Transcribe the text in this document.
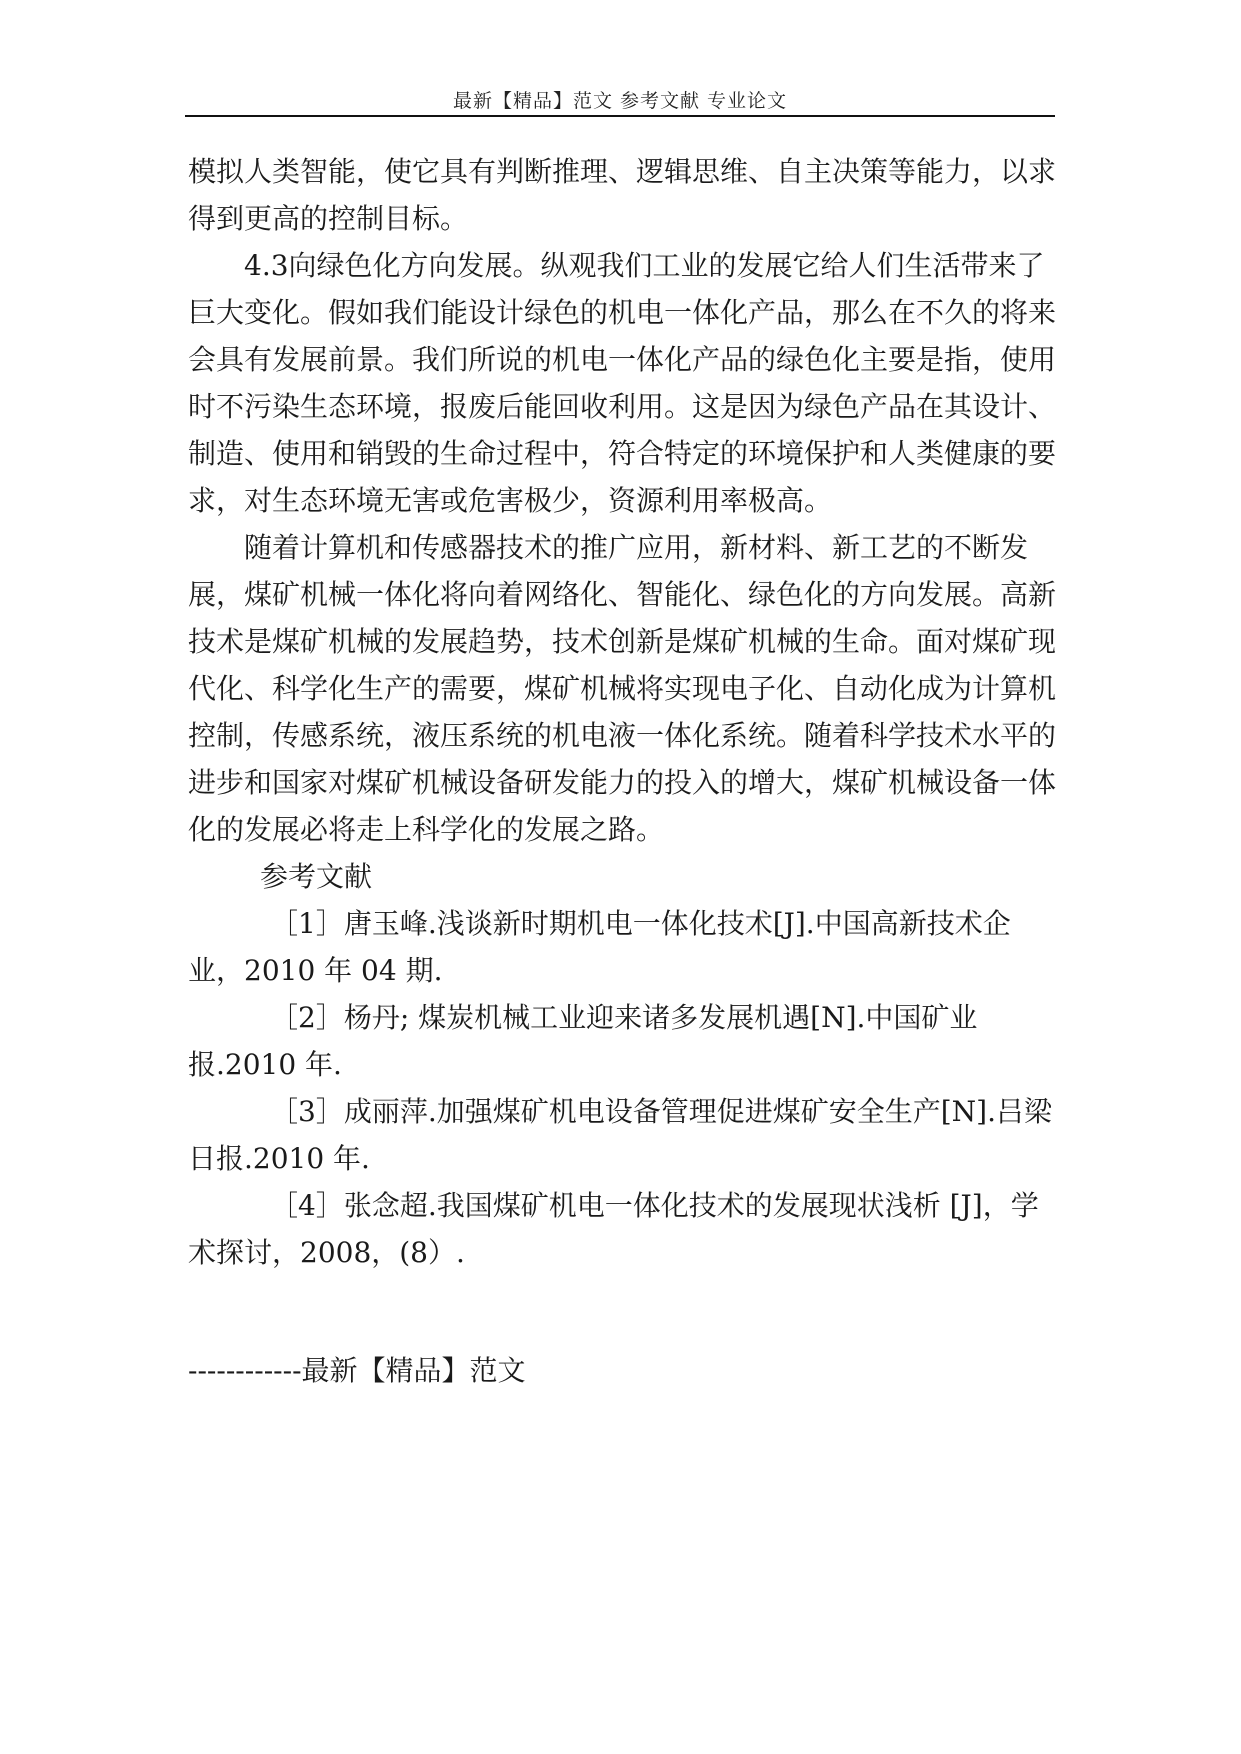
最新【精品】范文 参考文献 专业论文

模拟人类智能，使它具有判断推理、逻辑思维、自主决策等能力，以求得到更高的控制目标。

4.3向绿色化方向发展。纵观我们工业的发展它给人们生活带来了巨大变化。假如我们能设计绿色的机电一体化产品，那么在不久的将来会具有发展前景。我们所说的机电一体化产品的绿色化主要是指，使用时不污染生态环境，报废后能回收利用。这是因为绿色产品在其设计、制造、使用和销毁的生命过程中，符合特定的环境保护和人类健康的要求，对生态环境无害或危害极少，资源利用率极高。

随着计算机和传感器技术的推广应用，新材料、新工艺的不断发展，煤矿机械一体化将向着网络化、智能化、绿色化的方向发展。高新技术是煤矿机械的发展趋势，技术创新是煤矿机械的生命。面对煤矿现代化、科学化生产的需要，煤矿机械将实现电子化、自动化成为计算机控制，传感系统，液压系统的机电液一体化系统。随着科学技术水平的进步和国家对煤矿机械设备研发能力的投入的增大，煤矿机械设备一体化的发展必将走上科学化的发展之路。

参考文献

［1］唐玉峰.浅谈新时期机电一体化技术[J].中国高新技术企业，2010 年 04 期.

［2］杨丹; 煤炭机械工业迎来诸多发展机遇[N].中国矿业报.2010 年.

［3］成丽萍.加强煤矿机电设备管理促进煤矿安全生产[N].吕梁日报.2010 年.

［4］张念超.我国煤矿机电一体化技术的发展现状浅析 [J]，学术探讨，2008，(8）.

------------最新【精品】范文
